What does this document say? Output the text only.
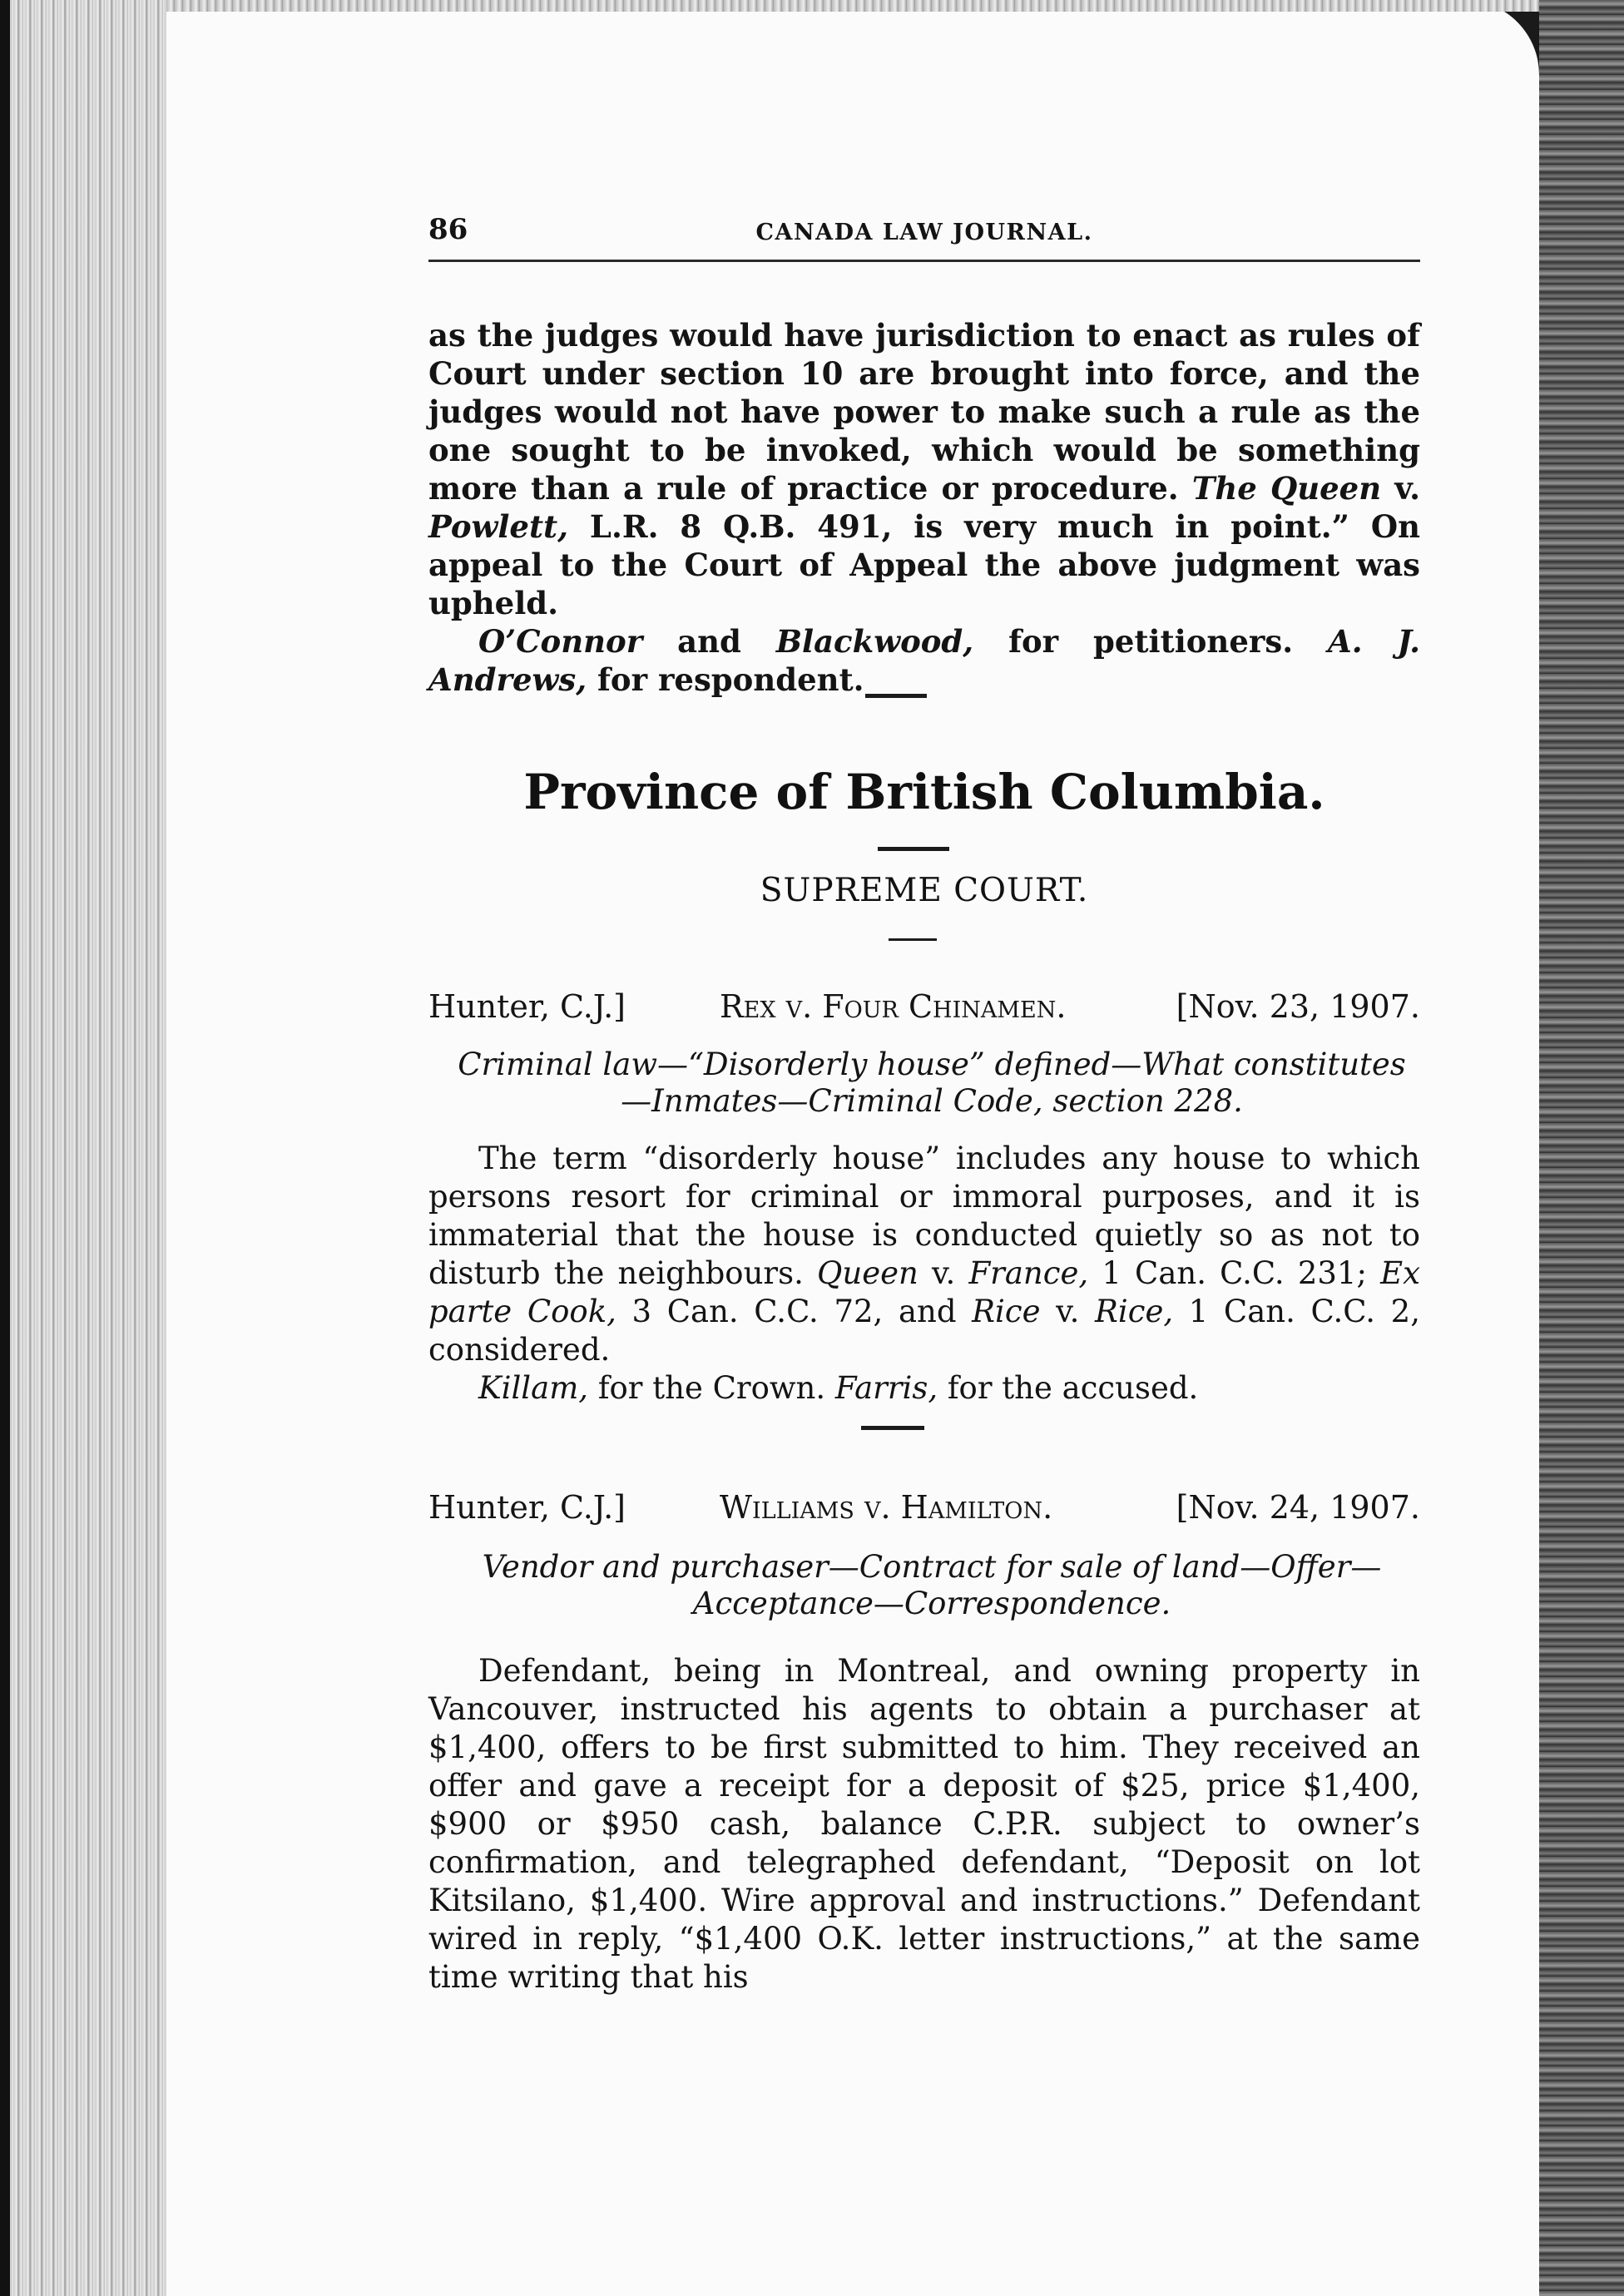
86	CANADA LAW JOURNAL.

as the judges would have jurisdiction to enact as rules of Court under section 10 are brought into force, and the judges would not have power to make such a rule as the one sought to be invoked, which would be something more than a rule of practice or procedure. The Queen v. Powlett, L.R. 8 Q.B. 491, is very much in point.” On appeal to the Court of Appeal the above judgment was upheld.

O’Connor and Blackwood, for petitioners. A. J. Andrews, for respondent.

Province of British Columbia.
SUPREME COURT.
Hunter, C.J.]	Rex v. Four Chinamen.	[Nov. 23, 1907.

Criminal law—“Disorderly house” defined—What constitutes—Inmates—Criminal Code, section 228.

The term “disorderly house” includes any house to which persons resort for criminal or immoral purposes, and it is immaterial that the house is conducted quietly so as not to disturb the neighbours. Queen v. France, 1 Can. C.C. 231; Ex parte Cook, 3 Can. C.C. 72, and Rice v. Rice, 1 Can. C.C. 2, considered.

Killam, for the Crown. Farris, for the accused.

Hunter, C.J.]	Williams v. Hamilton.	[Nov. 24, 1907.

Vendor and purchaser—Contract for sale of land—Offer—Acceptance—Correspondence.

Defendant, being in Montreal, and owning property in Vancouver, instructed his agents to obtain a purchaser at $1,400, offers to be first submitted to him. They received an offer and gave a receipt for a deposit of $25, price $1,400, $900 or $950 cash, balance C.P.R. subject to owner’s confirmation, and telegraphed defendant, “Deposit on lot Kitsilano, $1,400. Wire approval and instructions.” Defendant wired in reply, “$1,400 O.K. letter instructions,” at the same time writing that his
